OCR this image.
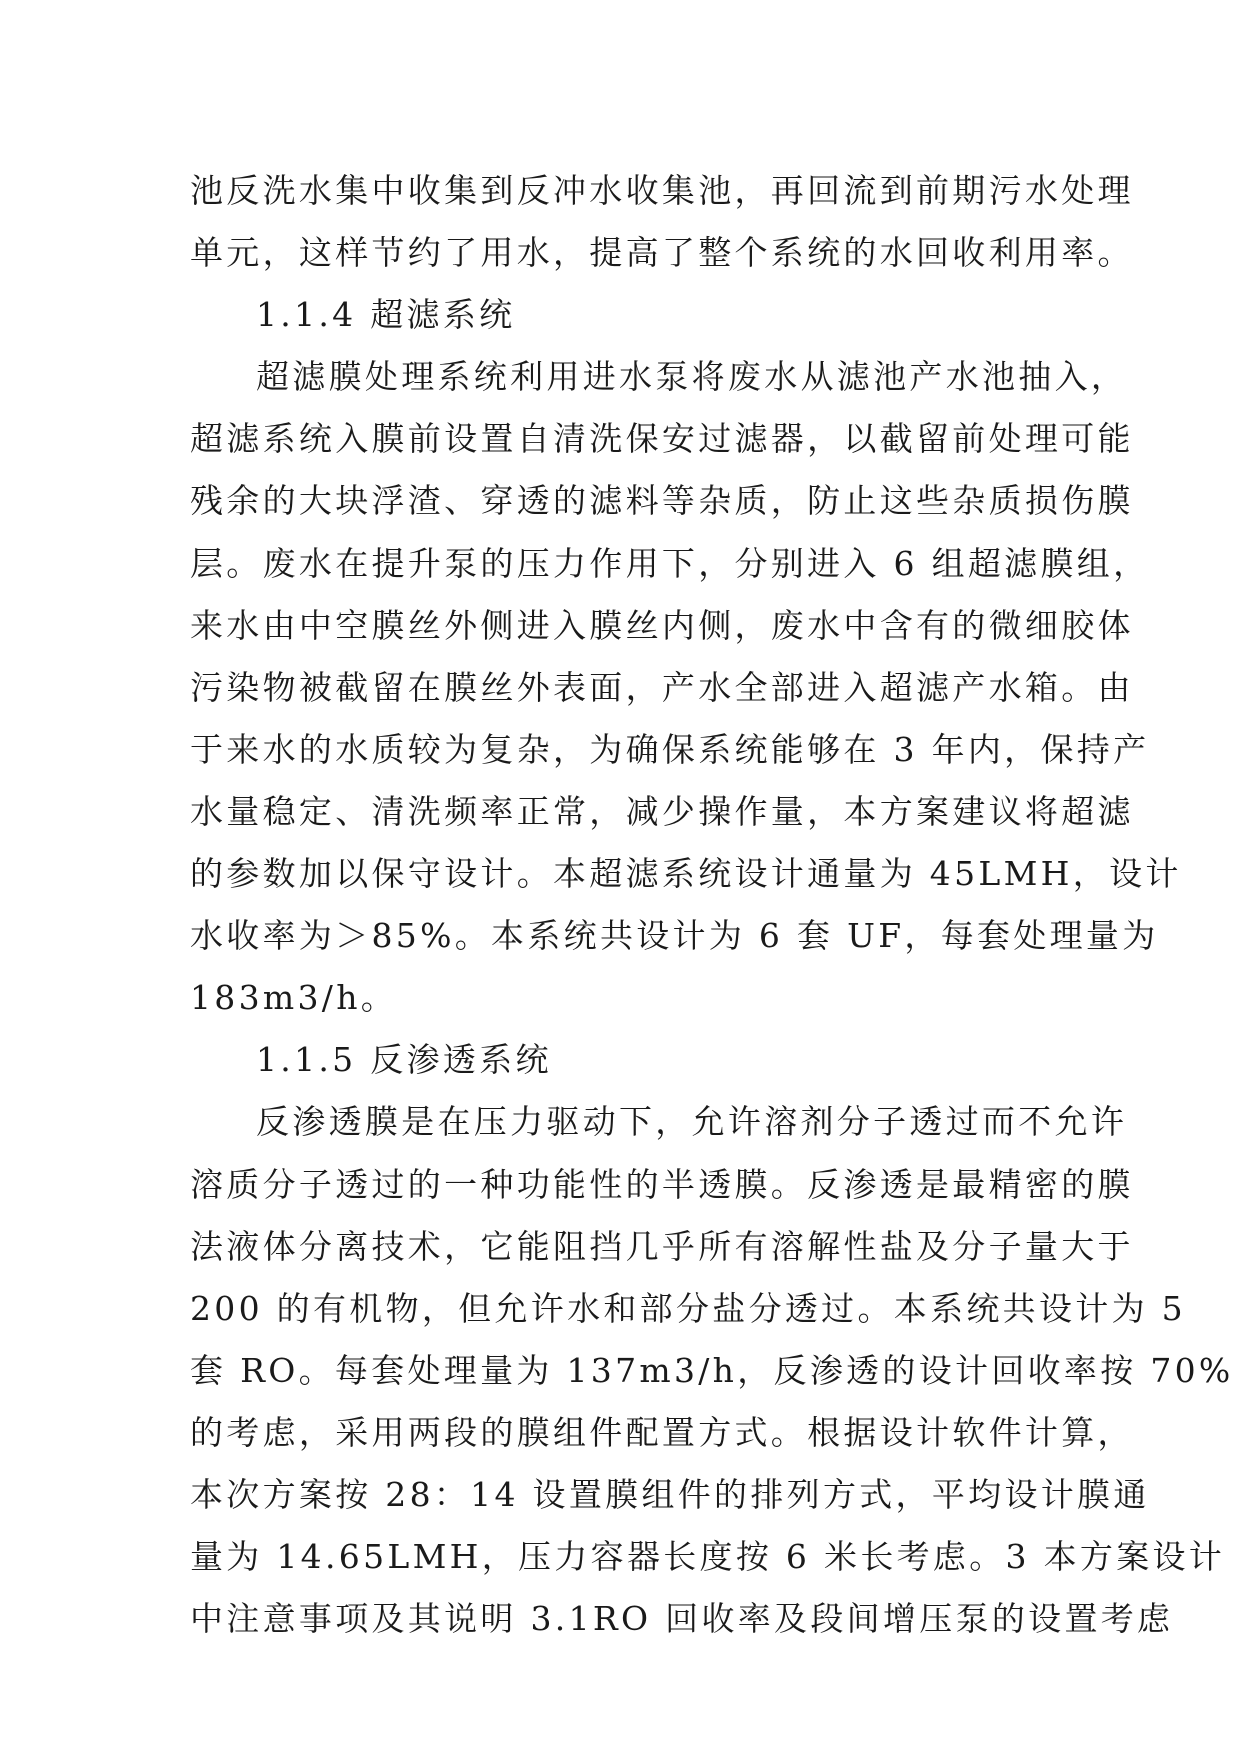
池反洗水集中收集到反冲水收集池，再回流到前期污水处理
单元，这样节约了用水，提高了整个系统的水回收利用率。
1.1.4 超滤系统
超滤膜处理系统利用进水泵将废水从滤池产水池抽入，
超滤系统入膜前设置自清洗保安过滤器，以截留前处理可能
残余的大块浮渣、穿透的滤料等杂质，防止这些杂质损伤膜
层。废水在提升泵的压力作用下，分别进入 6 组超滤膜组，
来水由中空膜丝外侧进入膜丝内侧，废水中含有的微细胶体
污染物被截留在膜丝外表面，产水全部进入超滤产水箱。由
于来水的水质较为复杂，为确保系统能够在 3 年内，保持产
水量稳定、清洗频率正常，减少操作量，本方案建议将超滤
的参数加以保守设计。本超滤系统设计通量为 45LMH，设计
水收率为＞85%。本系统共设计为 6 套 UF，每套处理量为
183m3/h。
1.1.5 反渗透系统
反渗透膜是在压力驱动下，允许溶剂分子透过而不允许
溶质分子透过的一种功能性的半透膜。反渗透是最精密的膜
法液体分离技术，它能阻挡几乎所有溶解性盐及分子量大于
200 的有机物，但允许水和部分盐分透过。本系统共设计为 5
套 RO。每套处理量为 137m3/h，反渗透的设计回收率按 70%
的考虑，采用两段的膜组件配置方式。根据设计软件计算，
本次方案按 28：14 设置膜组件的排列方式，平均设计膜通
量为 14.65LMH，压力容器长度按 6 米长考虑。3 本方案设计
中注意事项及其说明 3.1RO 回收率及段间增压泵的设置考虑
